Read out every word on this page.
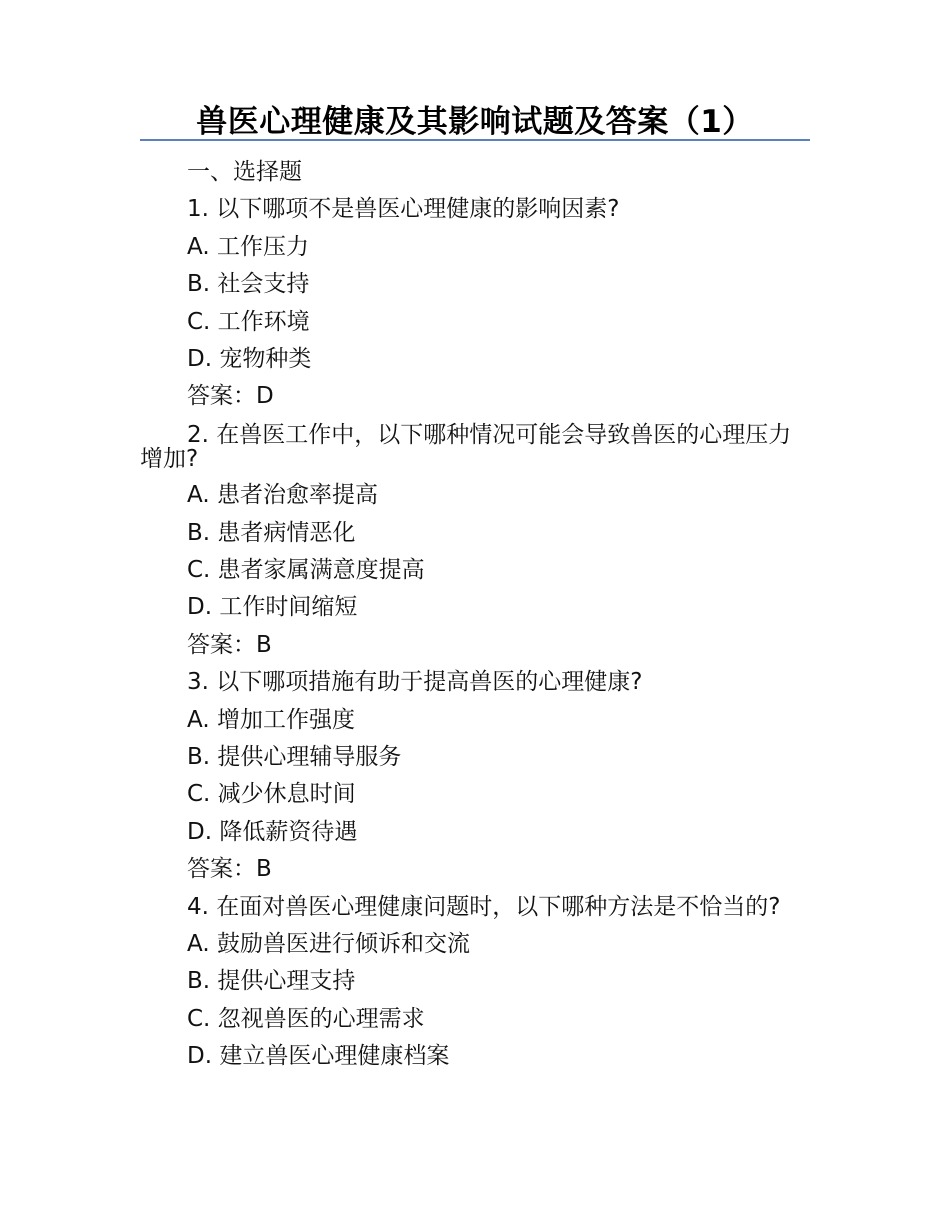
兽医心理健康及其影响试题及答案（1）

一、选择题

1. 以下哪项不是兽医心理健康的影响因素?

A. 工作压力

B. 社会支持

C. 工作环境

D. 宠物种类

答案：D

2. 在兽医工作中，以下哪种情况可能会导致兽医的心理压力增加?

A. 患者治愈率提高

B. 患者病情恶化

C. 患者家属满意度提高

D. 工作时间缩短

答案：B

3. 以下哪项措施有助于提高兽医的心理健康?

A. 增加工作强度

B. 提供心理辅导服务

C. 减少休息时间

D. 降低薪资待遇

答案：B

4. 在面对兽医心理健康问题时，以下哪种方法是不恰当的?

A. 鼓励兽医进行倾诉和交流

B. 提供心理支持

C. 忽视兽医的心理需求

D. 建立兽医心理健康档案
